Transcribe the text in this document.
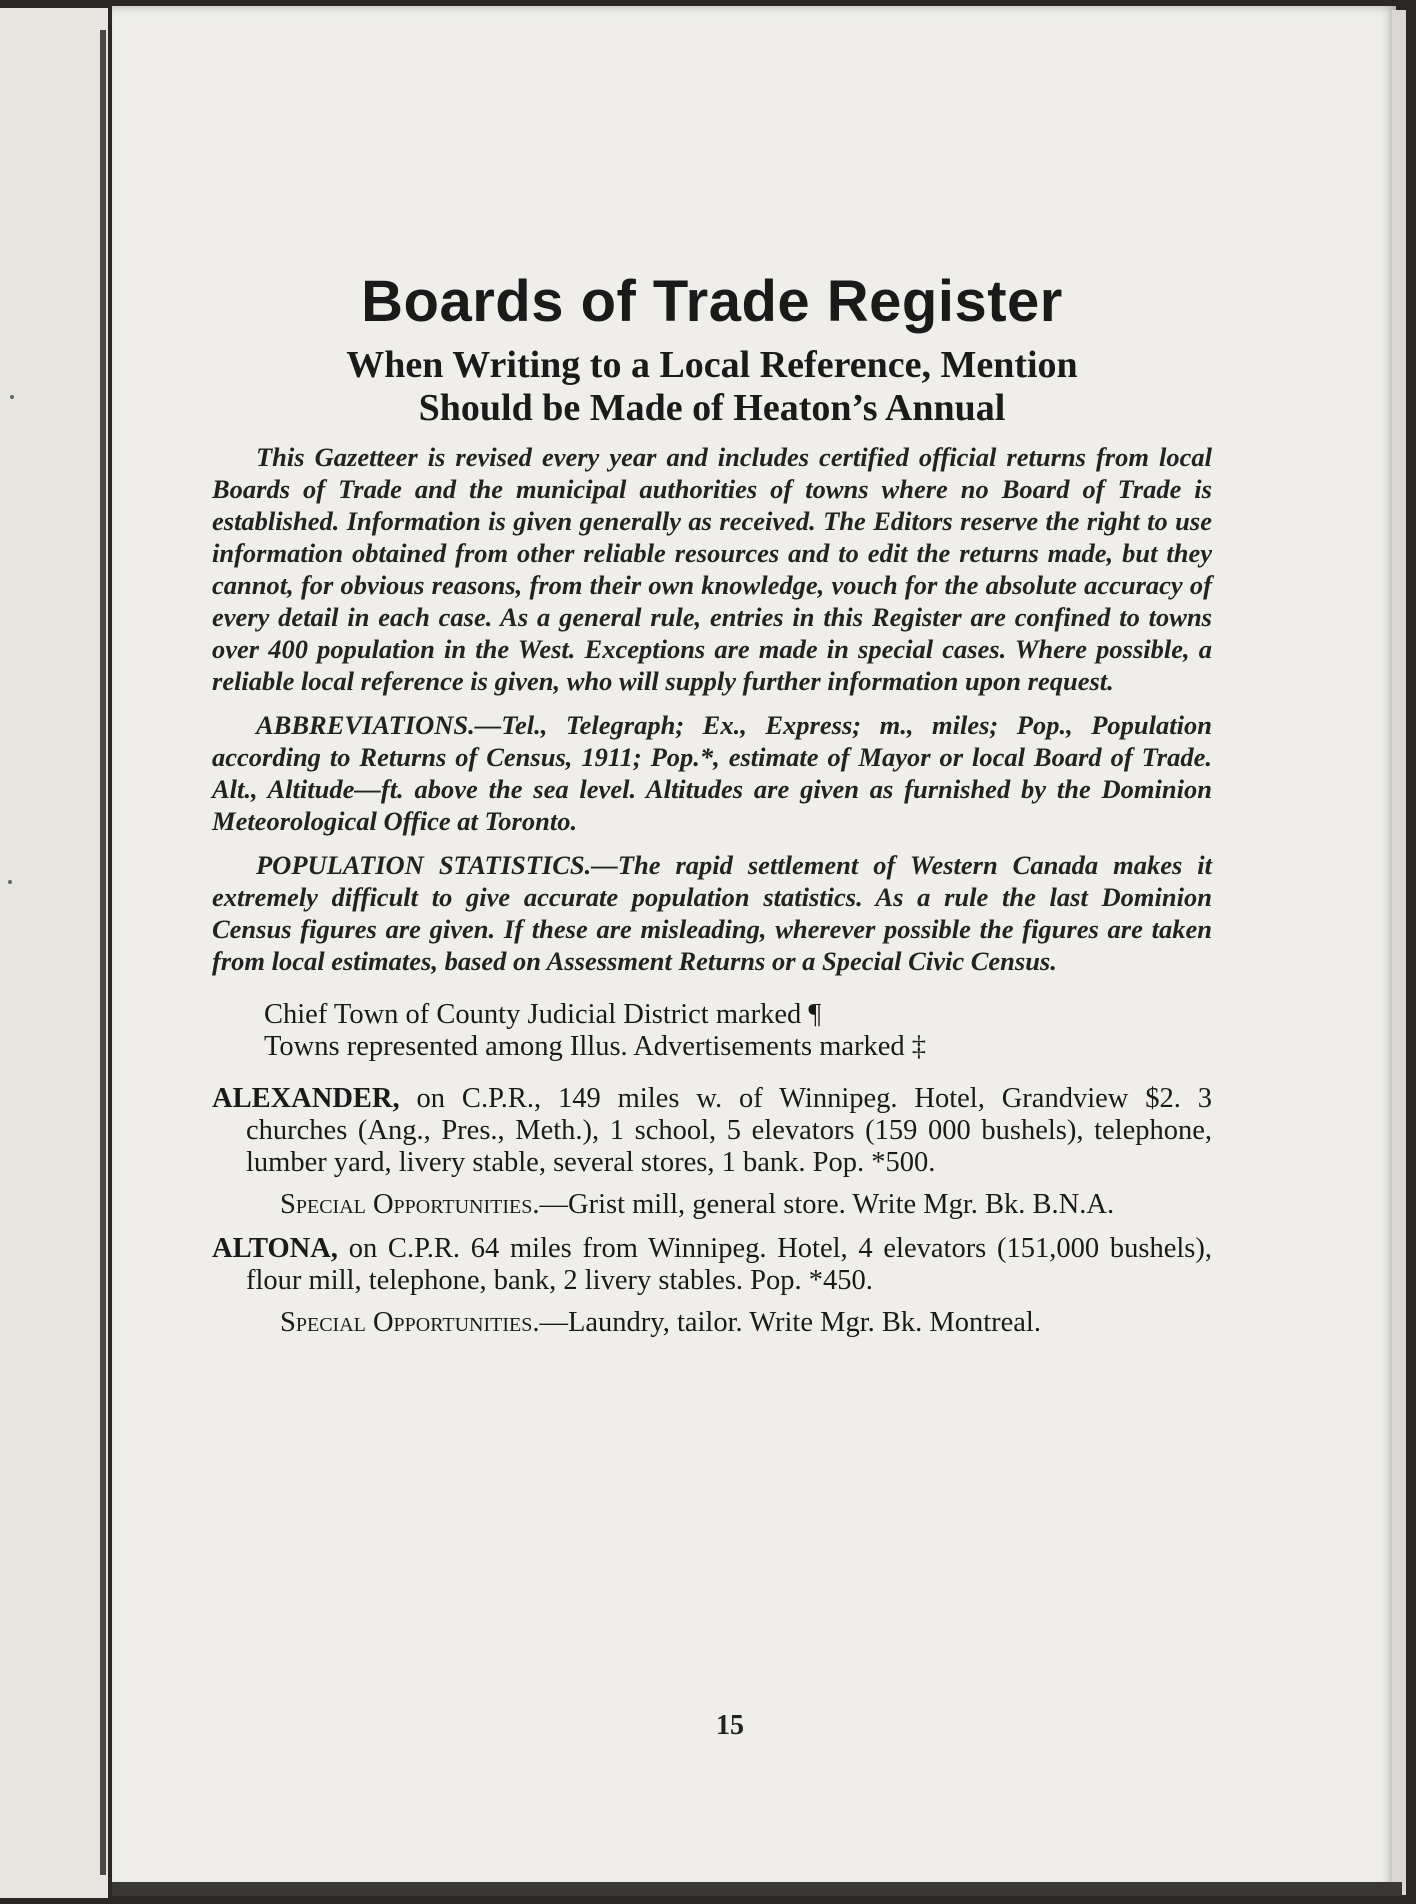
Boards of Trade Register
When Writing to a Local Reference, Mention
Should be Made of Heaton’s Annual

This Gazetteer is revised every year and includes certified official returns from local Boards of Trade and the municipal authorities of towns where no Board of Trade is established. Information is given generally as received. The Editors reserve the right to use information obtained from other reliable resources and to edit the returns made, but they cannot, for obvious reasons, from their own knowledge, vouch for the absolute accuracy of every detail in each case. As a general rule, entries in this Register are confined to towns over 400 population in the West. Exceptions are made in special cases. Where possible, a reliable local reference is given, who will supply further information upon request.

ABBREVIATIONS.—Tel., Telegraph; Ex., Express; m., miles; Pop., Population according to Returns of Census, 1911; Pop.*, estimate of Mayor or local Board of Trade. Alt., Altitude—ft. above the sea level. Altitudes are given as furnished by the Dominion Meteorological Office at Toronto.

POPULATION STATISTICS.—The rapid settlement of Western Canada makes it extremely difficult to give accurate population statistics. As a rule the last Dominion Census figures are given. If these are misleading, wherever possible the figures are taken from local estimates, based on Assessment Returns or a Special Civic Census.

Chief Town of County Judicial District marked ¶
Towns represented among Illus. Advertisements marked ‡

ALEXANDER, on C.P.R., 149 miles w. of Winnipeg. Hotel, Grandview $2. 3 churches (Ang., Pres., Meth.), 1 school, 5 elevators (159 000 bushels), telephone, lumber yard, livery stable, several stores, 1 bank. Pop. *500.

Special Opportunities.—Grist mill, general store. Write Mgr. Bk. B.N.A.

ALTONA, on C.P.R. 64 miles from Winnipeg. Hotel, 4 elevators (151,000 bushels), flour mill, telephone, bank, 2 livery stables. Pop. *450.

Special Opportunities.—Laundry, tailor. Write Mgr. Bk. Montreal.

15
